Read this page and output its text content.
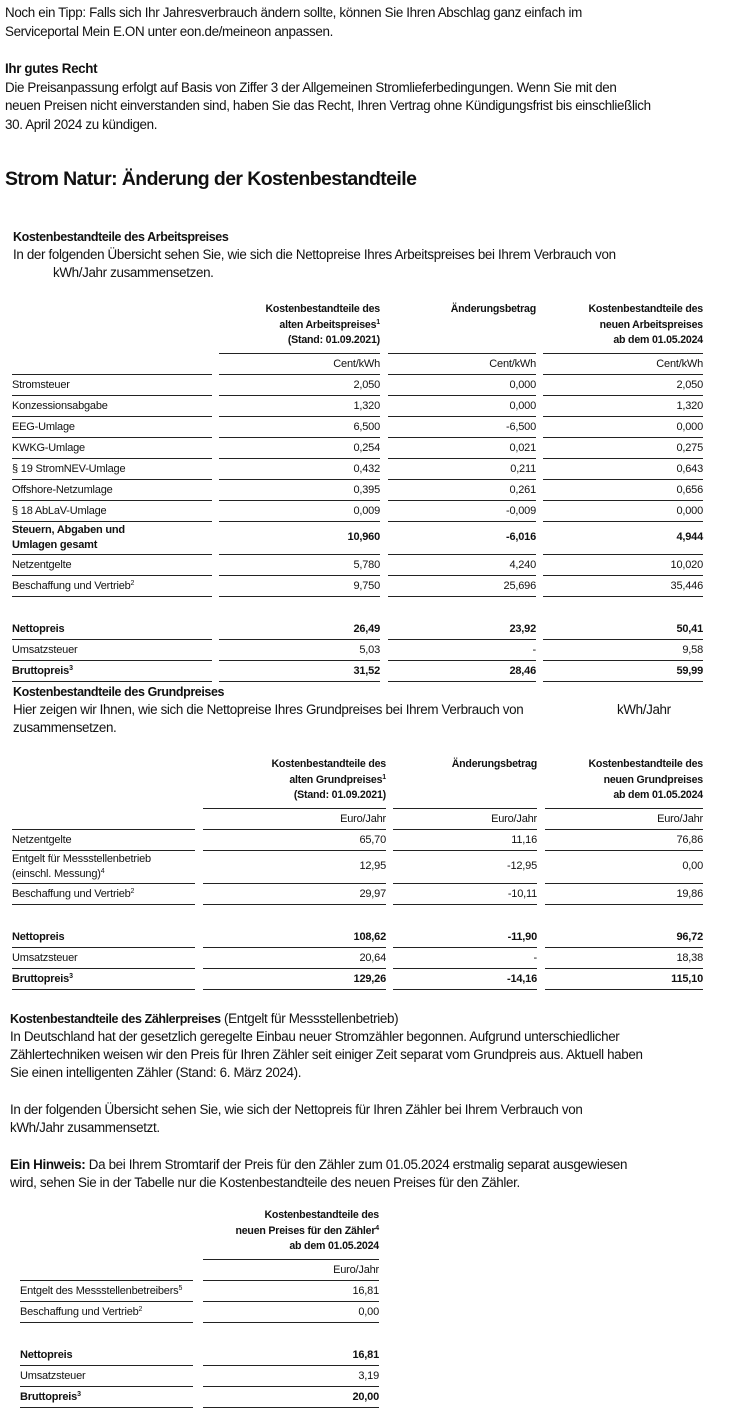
Noch ein Tipp: Falls sich Ihr Jahresverbrauch ändern sollte, können Sie Ihren Abschlag ganz einfach im
Serviceportal Mein E.ON unter eon.de/meineon anpassen.
Ihr gutes Recht
Die Preisanpassung erfolgt auf Basis von Ziffer 3 der Allgemeinen Stromlieferbedingungen. Wenn Sie mit den
neuen Preisen nicht einverstanden sind, haben Sie das Recht, Ihren Vertrag ohne Kündigungsfrist bis einschließlich
30. April 2024 zu kündigen.
Strom Natur: Änderung der Kostenbestandteile
Kostenbestandteile des Arbeitspreises
In der folgenden Übersicht sehen Sie, wie sich die Nettopreise Ihres Arbeitspreises bei Ihrem Verbrauch von
kWh/Jahr zusammensetzen.
		Kostenbestandteile des
alten Arbeitspreises$^1$
(Stand: 01.09.2021)		Änderungsbetrag		Kostenbestandteile des
neuen Arbeitspreises
ab dem 01.05.2024
		Cent/kWh		Cent/kWh		Cent/kWh
Stromsteuer		2,050		0,000		2,050
Konzessionsabgabe		1,320		0,000		1,320
EEG-Umlage		6,500		-6,500		0,000
KWKG-Umlage		0,254		0,021		0,275
§ 19 StromNEV-Umlage		0,432		0,211		0,643
Offshore-Netzumlage		0,395		0,261		0,656
§ 18 AbLaV-Umlage		0,009		-0,009		0,000
Steuern, Abgaben und
Umlagen gesamt		10,960		-6,016		4,944
Netzentgelte		5,780		4,240		10,020
Beschaffung und Vertrieb$^2$		9,750		25,696		35,446

Nettopreis		26,49		23,92		50,41
Umsatzsteuer		5,03		-		9,58
Bruttopreis$^3$		31,52		28,46		59,99
Kostenbestandteile des Grundpreises
Hier zeigen wir Ihnen, wie sich die Nettopreise Ihres Grundpreises bei Ihrem Verbrauch von	kWh/Jahr
zusammensetzen.
		Kostenbestandteile des
alten Grundpreises$^1$
(Stand: 01.09.2021)		Änderungsbetrag		Kostenbestandteile des
neuen Grundpreises
ab dem 01.05.2024
		Euro/Jahr		Euro/Jahr		Euro/Jahr
Netzentgelte		65,70		11,16		76,86
Entgelt für Messstellenbetrieb
(einschl. Messung)$^4$		12,95		-12,95		0,00
Beschaffung und Vertrieb$^2$		29,97		-10,11		19,86

Nettopreis		108,62		-11,90		96,72
Umsatzsteuer		20,64		-		18,38
Bruttopreis$^3$		129,26		-14,16		115,10
Kostenbestandteile des Zählerpreises (Entgelt für Messstellenbetrieb)
In Deutschland hat der gesetzlich geregelte Einbau neuer Stromzähler begonnen. Aufgrund unterschiedlicher
Zählertechniken weisen wir den Preis für Ihren Zähler seit einiger Zeit separat vom Grundpreis aus. Aktuell haben
Sie einen intelligenten Zähler (Stand: 6. März 2024).
In der folgenden Übersicht sehen Sie, wie sich der Nettopreis für Ihren Zähler bei Ihrem Verbrauch von
kWh/Jahr zusammensetzt.
Ein Hinweis: Da bei Ihrem Stromtarif der Preis für den Zähler zum 01.05.2024 erstmalig separat ausgewiesen
wird, sehen Sie in der Tabelle nur die Kostenbestandteile des neuen Preises für den Zähler.
		Kostenbestandteile des
neuen Preises für den Zähler$^4$
ab dem 01.05.2024
		Euro/Jahr
Entgelt des Messstellenbetreibers$^5$		16,81
Beschaffung und Vertrieb$^2$		0,00

Nettopreis		16,81
Umsatzsteuer		3,19
Bruttopreis$^3$		20,00
